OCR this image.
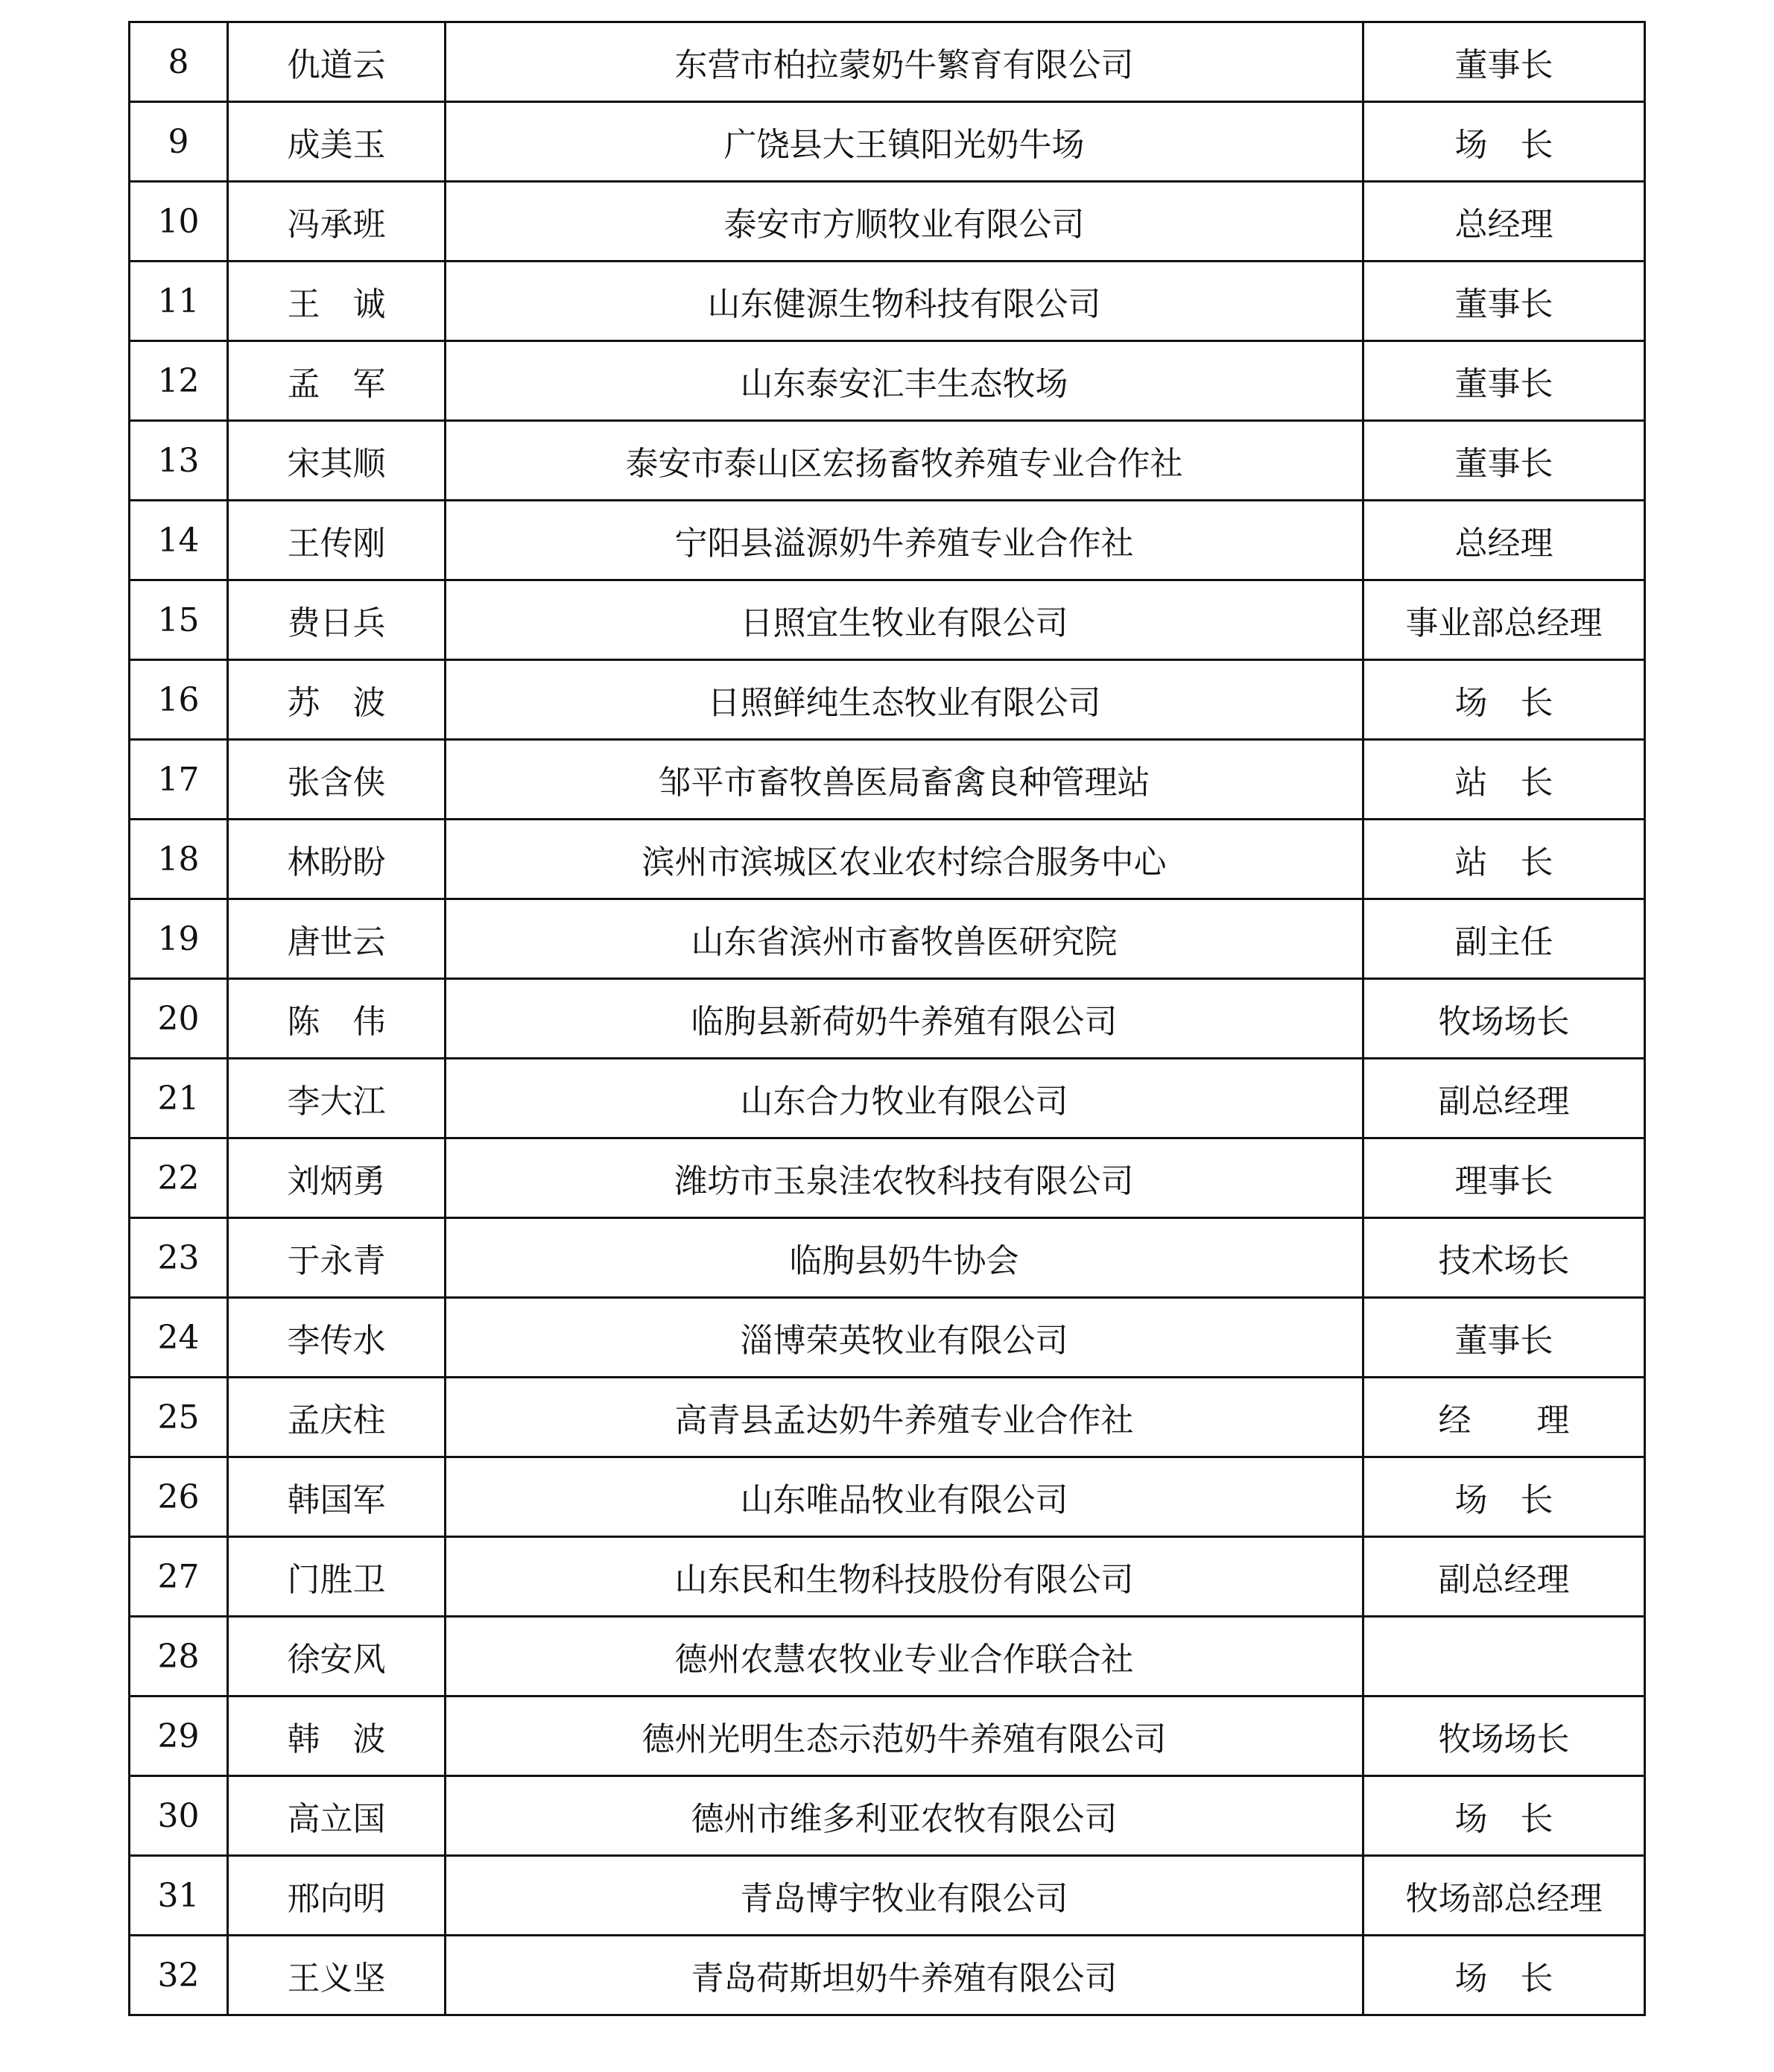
8	仇道云	东营市柏拉蒙奶牛繁育有限公司	董事长
9	成美玉	广饶县大王镇阳光奶牛场	场　长
10	冯承班	泰安市方顺牧业有限公司	总经理
11	王　诚	山东健源生物科技有限公司	董事长
12	孟　军	山东泰安汇丰生态牧场	董事长
13	宋其顺	泰安市泰山区宏扬畜牧养殖专业合作社	董事长
14	王传刚	宁阳县溢源奶牛养殖专业合作社	总经理
15	费日兵	日照宜生牧业有限公司	事业部总经理
16	苏　波	日照鲜纯生态牧业有限公司	场　长
17	张含侠	邹平市畜牧兽医局畜禽良种管理站	站　长
18	林盼盼	滨州市滨城区农业农村综合服务中心	站　长
19	唐世云	山东省滨州市畜牧兽医研究院	副主任
20	陈　伟	临朐县新荷奶牛养殖有限公司	牧场场长
21	李大江	山东合力牧业有限公司	副总经理
22	刘炳勇	潍坊市玉泉洼农牧科技有限公司	理事长
23	于永青	临朐县奶牛协会	技术场长
24	李传水	淄博荣英牧业有限公司	董事长
25	孟庆柱	高青县孟达奶牛养殖专业合作社	经　　理
26	韩国军	山东唯品牧业有限公司	场　长
27	门胜卫	山东民和生物科技股份有限公司	副总经理
28	徐安风	德州农慧农牧业专业合作联合社	
29	韩　波	德州光明生态示范奶牛养殖有限公司	牧场场长
30	高立国	德州市维多利亚农牧有限公司	场　长
31	邢向明	青岛博宇牧业有限公司	牧场部总经理
32	王义坚	青岛荷斯坦奶牛养殖有限公司	场　长
